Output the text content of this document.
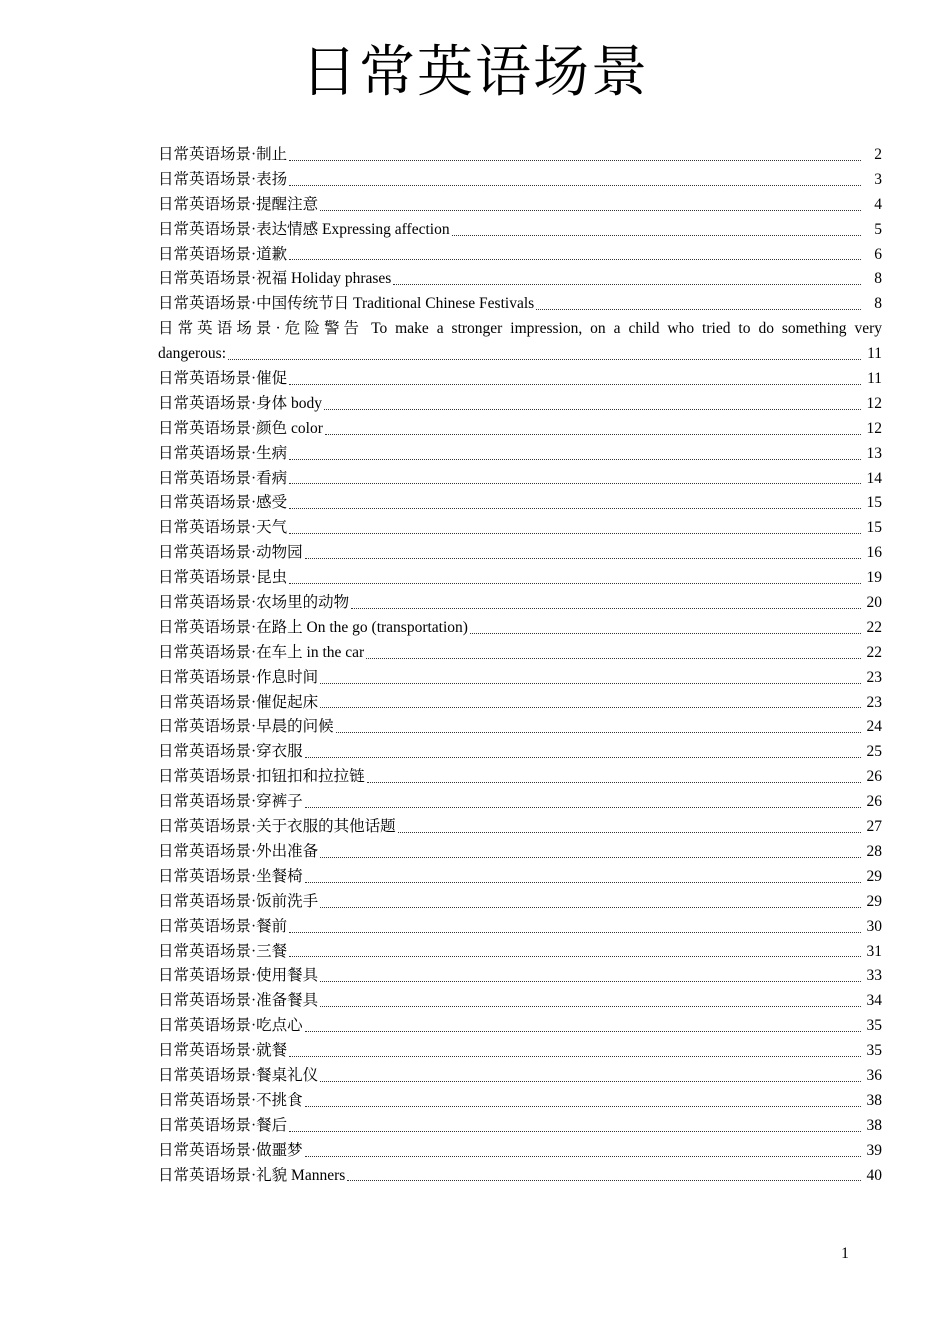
日常英语场景
日常英语场景·制止	2
日常英语场景·表扬	3
日常英语场景·提醒注意	4
日常英语场景·表达情感 Expressing affection	5
日常英语场景·道歉	6
日常英语场景·祝福 Holiday phrases	8
日常英语场景·中国传统节日 Traditional Chinese Festivals	8
日常英语场景·危险警告 To make a stronger impression, on a child who tried to do something very
dangerous:	11
日常英语场景·催促	11
日常英语场景·身体 body	12
日常英语场景·颜色 color	12
日常英语场景·生病	13
日常英语场景·看病	14
日常英语场景·感受	15
日常英语场景·天气	15
日常英语场景·动物园	16
日常英语场景·昆虫	19
日常英语场景·农场里的动物	20
日常英语场景·在路上 On the go (transportation)	22
日常英语场景·在车上 in the car	22
日常英语场景·作息时间	23
日常英语场景·催促起床	23
日常英语场景·早晨的问候	24
日常英语场景·穿衣服	25
日常英语场景·扣钮扣和拉拉链	26
日常英语场景·穿裤子	26
日常英语场景·关于衣服的其他话题	27
日常英语场景·外出准备	28
日常英语场景·坐餐椅	29
日常英语场景·饭前洗手	29
日常英语场景·餐前	30
日常英语场景·三餐	31
日常英语场景·使用餐具	33
日常英语场景·准备餐具	34
日常英语场景·吃点心	35
日常英语场景·就餐	35
日常英语场景·餐桌礼仪	36
日常英语场景·不挑食	38
日常英语场景·餐后	38
日常英语场景·做噩梦	39
日常英语场景·礼貌 Manners	40
1
